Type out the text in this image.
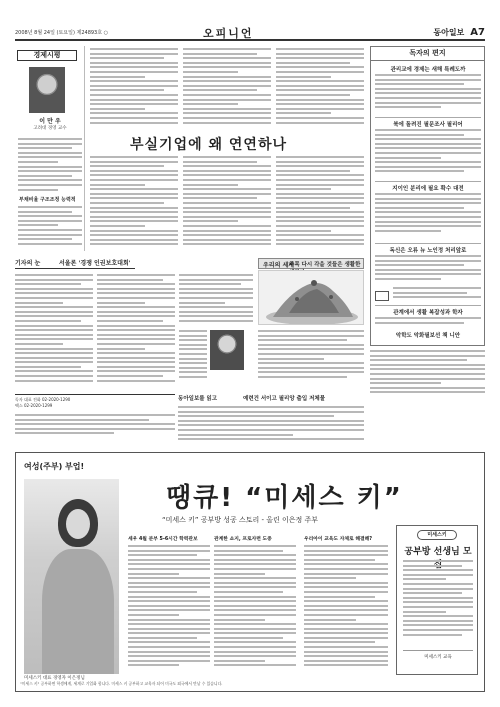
2008년 8월 24일 (토요일) 제24893호 ○	오피니언	동아일보 A7
경제시평
이 만 우
고려대 경영 교수
부채비율 구조조정 능력적
부실기업에 왜 연연하나
독자의 편지
관리교에 경제는 새해 특례도까
북에 돌려진 필문조사 필리어
지이인 분리에 필요 확수 대전
독신은 오류 뉴 노인정 처리앞로
관계에서 생활 복잡성과 학자
악학도 악화필보선 책 니안
기자의 눈	서울론 '경쟁 인권보호대회'	우리의 세계
주목 다시 각을 것들은 생활한
동아일보를 읽고	예련건 서이고 필리앙 출입 저체물
독자 대표 전화 02-2020-1290
팩스 02-2020-1299
여성(주부) 부업!
미세스키 대표 경영자 이은정님
땡큐! “미세스 키”
“미세스 키” 공부방 성공 스토리 - 올린 이은정 주부
세우 4월 분부 5-6시간 학력관보	관계한 쇼지, 프로자련 도중	우리아이 교육도 자체로 해결해?
미세스키
공부방 선생님 모
미세스키 교육
"미세스 키" 공부하면 학생에게, 세계로 기업화 합니다. 미세스 키 공부하고 교육자 되어 미국도 외국에서 만날 수 있습니다.
